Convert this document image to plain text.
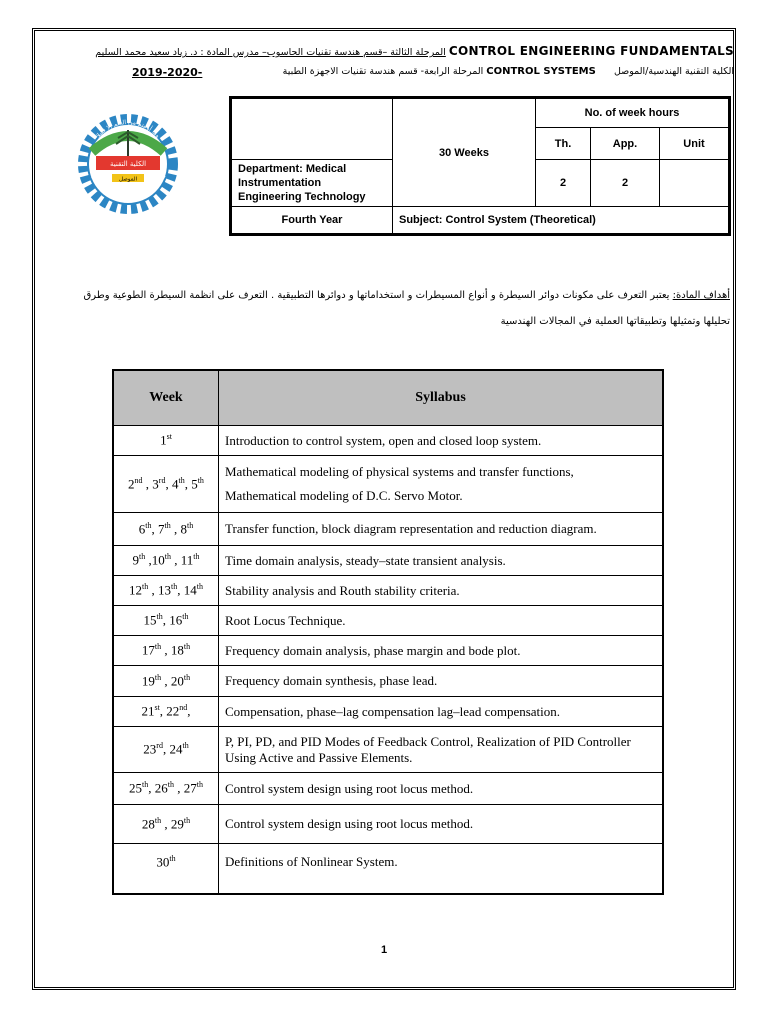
CONTROL ENGINEERING FUNDAMENTALS المرحلة الثالثة –قسم هندسة تقنيات الحاسوب– مدرس المادة : د. زياد سعيد محمد السليم
الكلية التقنية الهندسية/الموصل      CONTROL SYSTEMS المرحلة الرابعة- قسم هندسة تقنيات الاجهزة الطبية
2019-2020-
وما أوتيتم من العلم إلا قليلا
الكلية التقنية
الموصل
TECHNICAL COLLEGE / MOSUL
	30 Weeks	No. of week hours		
		Th.	App.	Unit
Department: Medical Instrumentation Engineering Technology		2	2	
Fourth Year	Subject: Control System (Theoretical)			
أهداف المادة: يعتبر التعرف على مكونات دوائر السيطرة و أنواع المسيطرات و استخداماتها و دوائرها التطبيقية . التعرف على انظمة السيطرة الطوعية وطرق
تحليلها وتمثيلها وتطبيقاتها العملية في المجالات الهندسية
Week	Syllabus
1st	Introduction to control system, open and closed loop system.
2nd , 3rd, 4th, 5th	Mathematical modeling of physical systems and transfer functions,
Mathematical modeling of D.C. Servo Motor.

6th, 7th , 8th	Transfer function, block diagram representation and reduction diagram.
9th ,10th , 11th	Time domain analysis, steady–state transient analysis.
12th , 13th, 14th	Stability analysis and Routh stability criteria.
15th, 16th	Root Locus Technique.
17th , 18th	Frequency domain analysis, phase margin and bode plot.
19th , 20th	Frequency domain synthesis, phase lead.
21st, 22nd,	Compensation, phase–lag compensation lag–lead compensation.
23rd, 24th	P, PI, PD, and PID Modes of Feedback Control, Realization of PID Controller Using Active and Passive Elements.
25th, 26th , 27th	Control system design using root locus method.
28th , 29th	Control system design using root locus method.
30th	Definitions of Nonlinear System.
1
